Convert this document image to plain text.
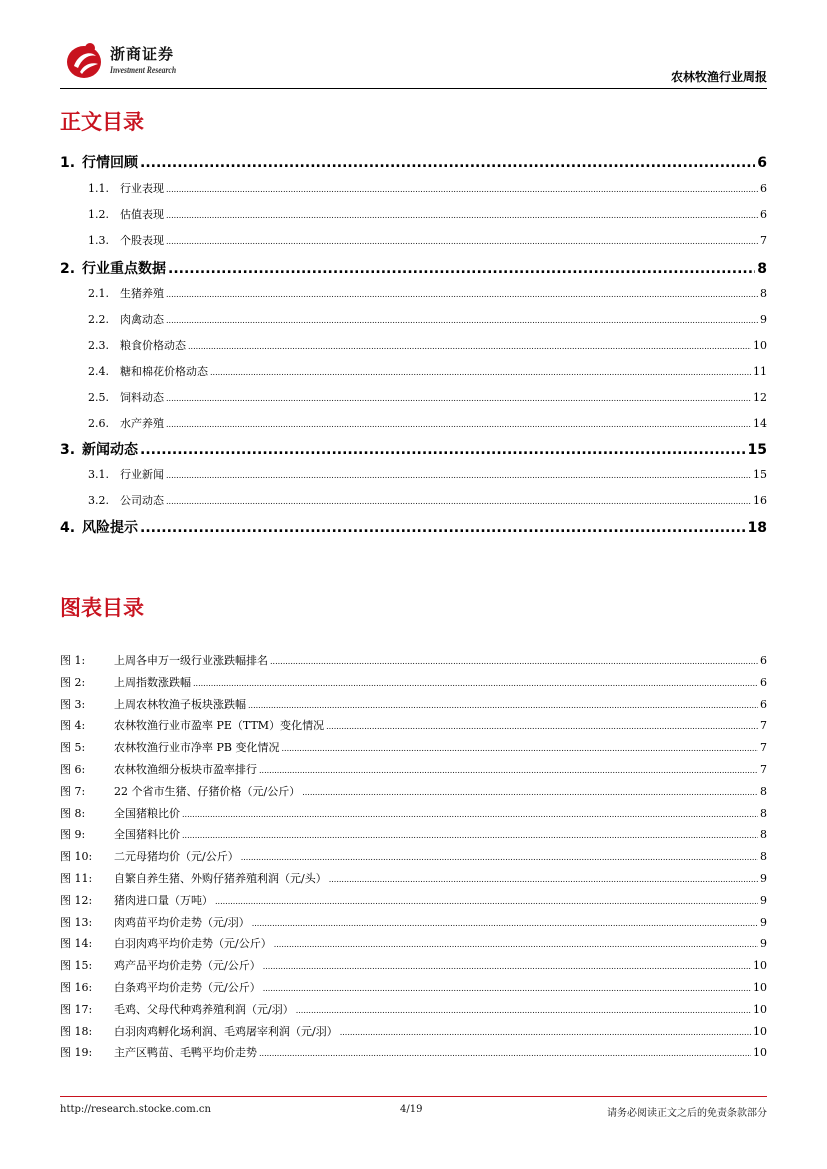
浙商证券
Investment Research	农林牧渔行业周报
正文目录
1. 行情回顾 .....	6
1.1.	行业表现 .....	6
1.2.	估值表现 .....	6
1.3.	个股表现 .....	7
2. 行业重点数据 .....	8
2.1.	生猪养殖 .....	8
2.2.	肉禽动态 .....	9
2.3.	粮食价格动态 .....	10
2.4.	糖和棉花价格动态 .....	11
2.5.	饲料动态 .....	12
2.6.	水产养殖 .....	14
3. 新闻动态 .....	15
3.1.	行业新闻 .....	15
3.2.	公司动态 .....	16
4. 风险提示 .....	18
图表目录
图 1:	上周各申万一级行业涨跌幅排名 .....	6
图 2:	上周指数涨跌幅 .....	6
图 3:	上周农林牧渔子板块涨跌幅 .....	6
图 4:	农林牧渔行业市盈率 PE（TTM）变化情况 .....	7
图 5:	农林牧渔行业市净率 PB 变化情况 .....	7
图 6:	农林牧渔细分板块市盈率排行 .....	7
图 7:	22 个省市生猪、仔猪价格（元/公斤） .....	8
图 8:	全国猪粮比价 .....	8
图 9:	全国猪料比价 .....	8
图 10:	二元母猪均价（元/公斤） .....	8
图 11:	自繁自养生猪、外购仔猪养殖利润（元/头） .....	9
图 12:	猪肉进口量（万吨） .....	9
图 13:	肉鸡苗平均价走势（元/羽） .....	9
图 14:	白羽肉鸡平均价走势（元/公斤） .....	9
图 15:	鸡产品平均价走势（元/公斤） .....	10
图 16:	白条鸡平均价走势（元/公斤） .....	10
图 17:	毛鸡、父母代种鸡养殖利润（元/羽） .....	10
图 18:	白羽肉鸡孵化场利润、毛鸡屠宰利润（元/羽） .....	10
图 19:	主产区鸭苗、毛鸭平均价走势 .....	10
http://research.stocke.com.cn	4/19	请务必阅读正文之后的免责条款部分
